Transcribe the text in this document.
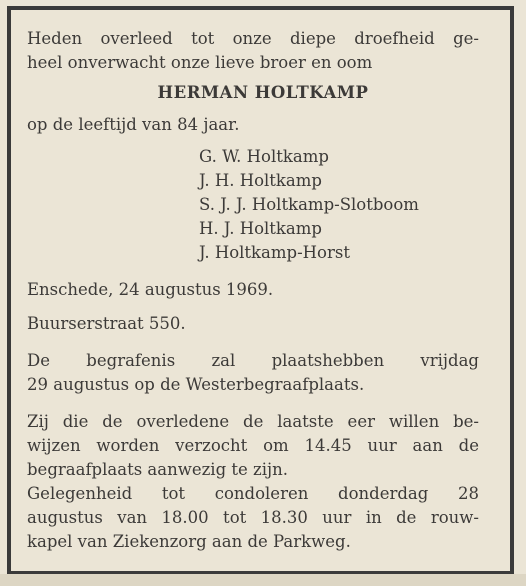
Heden overleed tot onze diepe droefheid ge-
heel onverwacht onze lieve broer en oom
HERMAN HOLTKAMP
op de leeftijd van 84 jaar.
G. W. Holtkamp
J. H. Holtkamp
S. J. J. Holtkamp-Slotboom
H. J. Holtkamp
J. Holtkamp-Horst
Enschede, 24 augustus 1969.
Buurserstraat 550.
De begrafenis zal plaatshebben vrijdag
29 augustus op de Westerbegraafplaats.
Zij die de overledene de laatste eer willen be-
wijzen worden verzocht om 14.45 uur aan de
begraafplaats aanwezig te zijn.
Gelegenheid tot condoleren donderdag 28
augustus van 18.00 tot 18.30 uur in de rouw-
kapel van Ziekenzorg aan de Parkweg.
